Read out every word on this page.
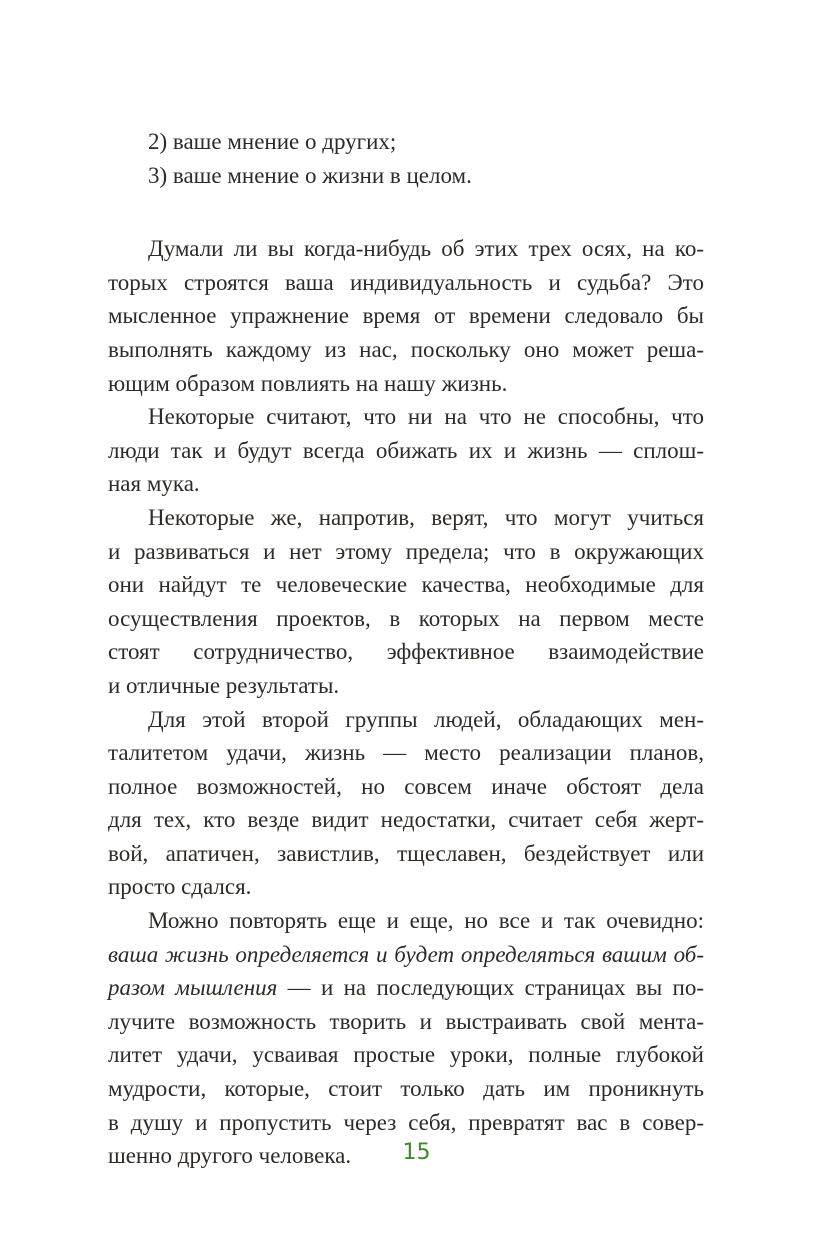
2) ваше мнение о других;
3) ваше мнение о жизни в целом.
Думали ли вы когда-нибудь об этих трех осях, на ко-
торых строятся ваша индивидуальность и судьба? Это
мысленное упражнение время от времени следовало бы
выполнять каждому из нас, поскольку оно может реша-
ющим образом повлиять на нашу жизнь.
Некоторые считают, что ни на что не способны, что
люди так и будут всегда обижать их и жизнь — сплош-
ная мука.
Некоторые же, напротив, верят, что могут учиться
и развиваться и нет этому предела; что в окружающих
они найдут те человеческие качества, необходимые для
осуществления проектов, в которых на первом месте
стоят сотрудничество, эффективное взаимодействие
и отличные результаты.
Для этой второй группы людей, обладающих мен-
талитетом удачи, жизнь — место реализации планов,
полное возможностей, но совсем иначе обстоят дела
для тех, кто везде видит недостатки, считает себя жерт-
вой, апатичен, завистлив, тщеславен, бездействует или
просто сдался.
Можно повторять еще и еще, но все и так очевидно:
ваша жизнь определяется и будет определяться вашим об-
разом мышления — и на последующих страницах вы по-
лучите возможность творить и выстраивать свой мента-
литет удачи, усваивая простые уроки, полные глубокой
мудрости, которые, стоит только дать им проникнуть
в душу и пропустить через себя, превратят вас в совер-
шенно другого человека.	15
